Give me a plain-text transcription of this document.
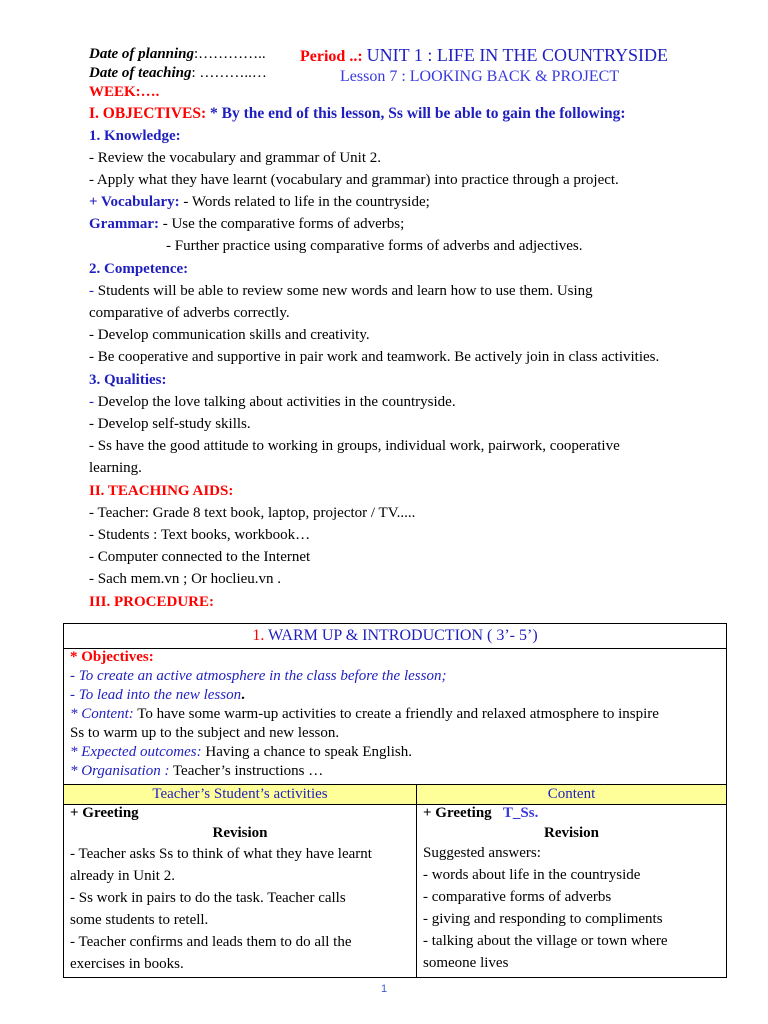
Date of planning:…………..
Date of teaching: ………..…
WEEK:….
Period ..: UNIT 1 : LIFE IN THE COUNTRYSIDE
Lesson 7 : LOOKING BACK & PROJECT
I. OBJECTIVES: * By the end of this lesson, Ss will be able to gain the following:
1. Knowledge:
- Review the vocabulary and grammar of Unit 2.
- Apply what they have learnt (vocabulary and grammar) into practice through a project.
+ Vocabulary: - Words related to life in the countryside;
Grammar: - Use the comparative forms of adverbs;
- Further practice using comparative forms of adverbs and adjectives.
2. Competence:
- Students will be able to review some new words and learn how to use them. Using
comparative of adverbs correctly.
- Develop communication skills and creativity.
- Be cooperative and supportive in pair work and teamwork. Be actively join in class activities.
3. Qualities:
- Develop the love talking about activities in the countryside.
- Develop self-study skills.
- Ss have the good attitude to working in groups, individual work, pairwork, cooperative
learning.
II. TEACHING AIDS:
- Teacher: Grade 8 text book, laptop, projector / TV.....
- Students : Text books, workbook…
- Computer connected to the Internet
- Sach mem.vn ; Or hoclieu.vn .
III. PROCEDURE:
1. WARM UP & INTRODUCTION ( 3’- 5’)
* Objectives:
- To create an active atmosphere in the class before the lesson;
- To lead into the new lesson.
* Content: To have some warm-up activities to create a friendly and relaxed atmosphere to inspire
Ss to warm up to the subject and new lesson.
* Expected outcomes: Having a chance to speak English.
* Organisation : Teacher’s instructions …
Teacher’s Student’s activities	Content
+ Greeting
Revision
- Teacher asks Ss to think of what they have learnt
already in Unit 2.
- Ss work in pairs to do the task. Teacher calls
some students to retell.
- Teacher confirms and leads them to do all the
exercises in books.
+ Greeting T_Ss.
Revision
Suggested answers:
- words about life in the countryside
- comparative forms of adverbs
- giving and responding to compliments
- talking about the village or town where
someone lives
1
